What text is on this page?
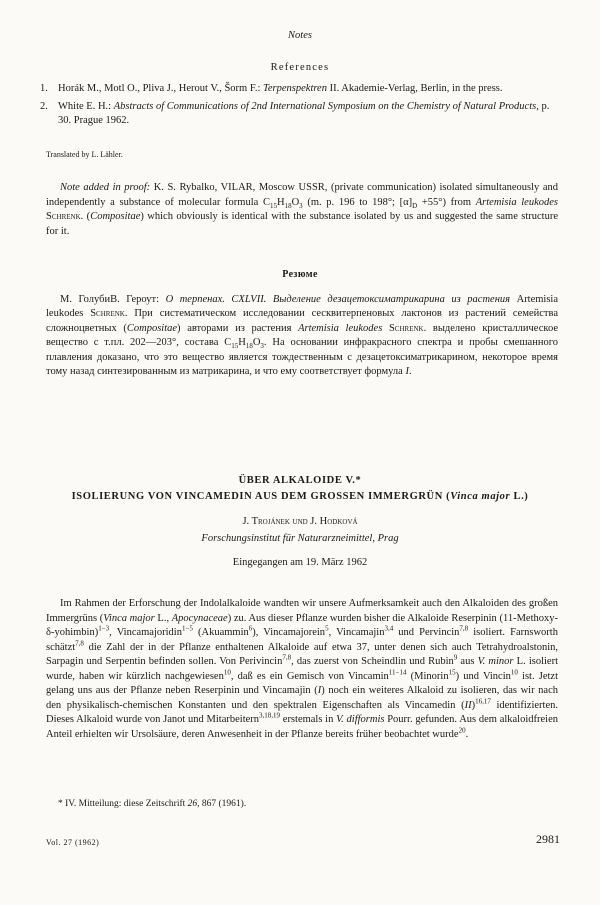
Notes
References
1. Horák M., Motl O., Pliva J., Herout V., Šorm F.: Terpenspektren II. Akademie-Verlag, Berlin, in the press.
2. White E. H.: Abstracts of Communications of 2nd International Symposium on the Chemistry of Natural Products, p. 30. Prague 1962.
Translated by L. Lähler.
Note added in proof: K. S. Rybalko, VILAR, Moscow USSR, (private communication) isolated simultaneously and independently a substance of molecular formula $C_{15}H_{18}O_3$ (m. p. 196 to 198°; $[\alpha]_D +55^\circ$) from Artemisia leukodes Schrenk. (Compositae) which obviously is identical with the substance isolated by us and suggested the same structure for it.
Резюме
М. ГолубиВ. Героут: О терпенах. CXLVII. Выделение дезацетоксиматрикарина из растения Artemisia leukodes Schrenk. При систематическом исследовании сесквитерпеновых лактонов из растений семейства сложноцветных (Compositae) авторами из растения Artemisia leukodes Schrenk. выделено кристаллическое вещество с т.пл. 202—203°, состава $C_{15}H_{18}O_3$. На основании инфракрасного спектра и пробы смешанного плавления доказано, что это вещество является тождественным с дезацетоксиматрикарином, некоторое время тому назад синтезированным из матрикарина, и что ему соответствует формула I.
ÜBER ALKALOIDE V.*
ISOLIERUNG VON VINCAMEDIN AUS DEM GROSSEN IMMERGRÜN (Vinca major L.)
J. Trojánek und J. Hodková
Forschungsinstitut für Naturarzneimittel, Prag
Eingegangen am 19. März 1962
Im Rahmen der Erforschung der Indolalkaloide wandten wir unsere Aufmerksamkeit auch den Alkaloiden des großen Immergrüns (Vinca major L., Apocynaceae) zu. Aus dieser Pflanze wurden bisher die Alkaloide Reserpinin (11-Methoxy-δ-yohimbin)$^{1-3}$, Vincamajoridin$^{1-5}$ (Akuammin$^6$), Vincamajorein$^5$, Vincamajin$^{3,4}$ und Pervincin$^{7,8}$ isoliert. Farnsworth schätzt$^{7,8}$ die Zahl der in der Pflanze enthaltenen Alkaloide auf etwa 37, unter denen sich auch Tetrahydroalstonin, Sarpagin und Serpentin befinden sollen. Von Perivincin$^{7,8}$, das zuerst von Scheindlin und Rubin$^9$ aus V. minor L. isoliert wurde, haben wir kürzlich nachgewiesen$^{10}$, daß es ein Gemisch von Vincamin$^{11-14}$ (Minorin$^{15}$) und Vincin$^{10}$ ist. Jetzt gelang uns aus der Pflanze neben Reserpinin und Vincamajin (I) noch ein weiteres Alkaloid zu isolieren, das wir nach den physikalisch-chemischen Konstanten und den spektralen Eigenschaften als Vincamedin (II)$^{16,17}$ identifizierten. Dieses Alkaloid wurde von Janot und Mitarbeitern$^{3,18,19}$ erstemals in V. difformis Pourr. gefunden. Aus dem alkaloidfreien Anteil erhielten wir Ursolsäure, deren Anwesenheit in der Pflanze bereits früher beobachtet wurde$^{20}$.
* IV. Mitteilung: diese Zeitschrift 26, 867 (1961).
Vol. 27 (1962)	2981
